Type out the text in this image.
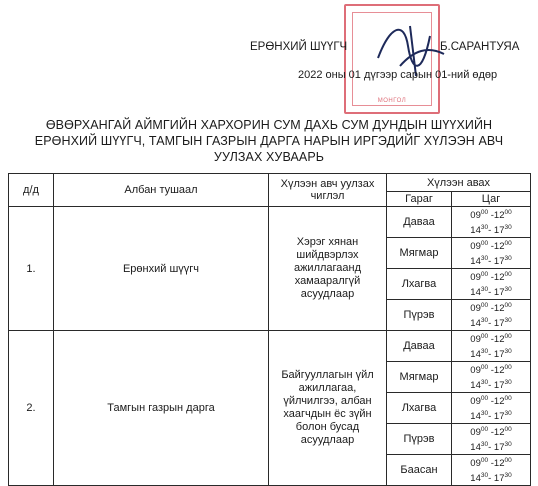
МОНГОЛ
ЕРӨНХИЙ ШҮҮГЧ	Б.САРАНТУЯА
2022 оны 01 дүгээр сарын 01-ний өдөр
ӨВӨРХАНГАЙ АЙМГИЙН ХАРХОРИН СУМ ДАХЬ СУМ ДУНДЫН ШҮҮХИЙН
ЕРӨНХИЙ ШҮҮГЧ, ТАМГЫН ГАЗРЫН ДАРГА НАРЫН ИРГЭДИЙГ ХҮЛЭЭН АВЧ
УУЛЗАХ ХУВААРЬ
д/д	Албан тушаал	Хүлээн авч уулзах чиглэл	Хүлээн авах	
			Гараг	Цаг
1.	Ерөнхий шүүгч	Хэрэг хянан шийдвэрлэх ажиллагаанд хамааралгүй асуудлаар	Даваа	$09^{00}$ $-12^{00}$
$14^{30}-$ $17^{30}$

			Мягмар	$09^{00}$ $-12^{00}$
$14^{30}-$ $17^{30}$

			Лхагва	$09^{00}$ $-12^{00}$
$14^{30}-$ $17^{30}$

			Пүрэв	$09^{00}$ $-12^{00}$
$14^{30}-$ $17^{30}$

2.	Тамгын газрын дарга	Байгууллагын үйл ажиллагаа, үйлчилгээ, албан хаагчдын ёс зүйн болон бусад асуудлаар	Даваа	$09^{00}$ $-12^{00}$
$14^{30}-$ $17^{30}$

			Мягмар	$09^{00}$ $-12^{00}$
$14^{30}-$ $17^{30}$

			Лхагва	$09^{00}$ $-12^{00}$
$14^{30}-$ $17^{30}$

			Пүрэв	$09^{00}$ $-12^{00}$
$14^{30}-$ $17^{30}$

			Баасан	$09^{00}$ $-12^{00}$
$14^{30}-$ $17^{30}$
